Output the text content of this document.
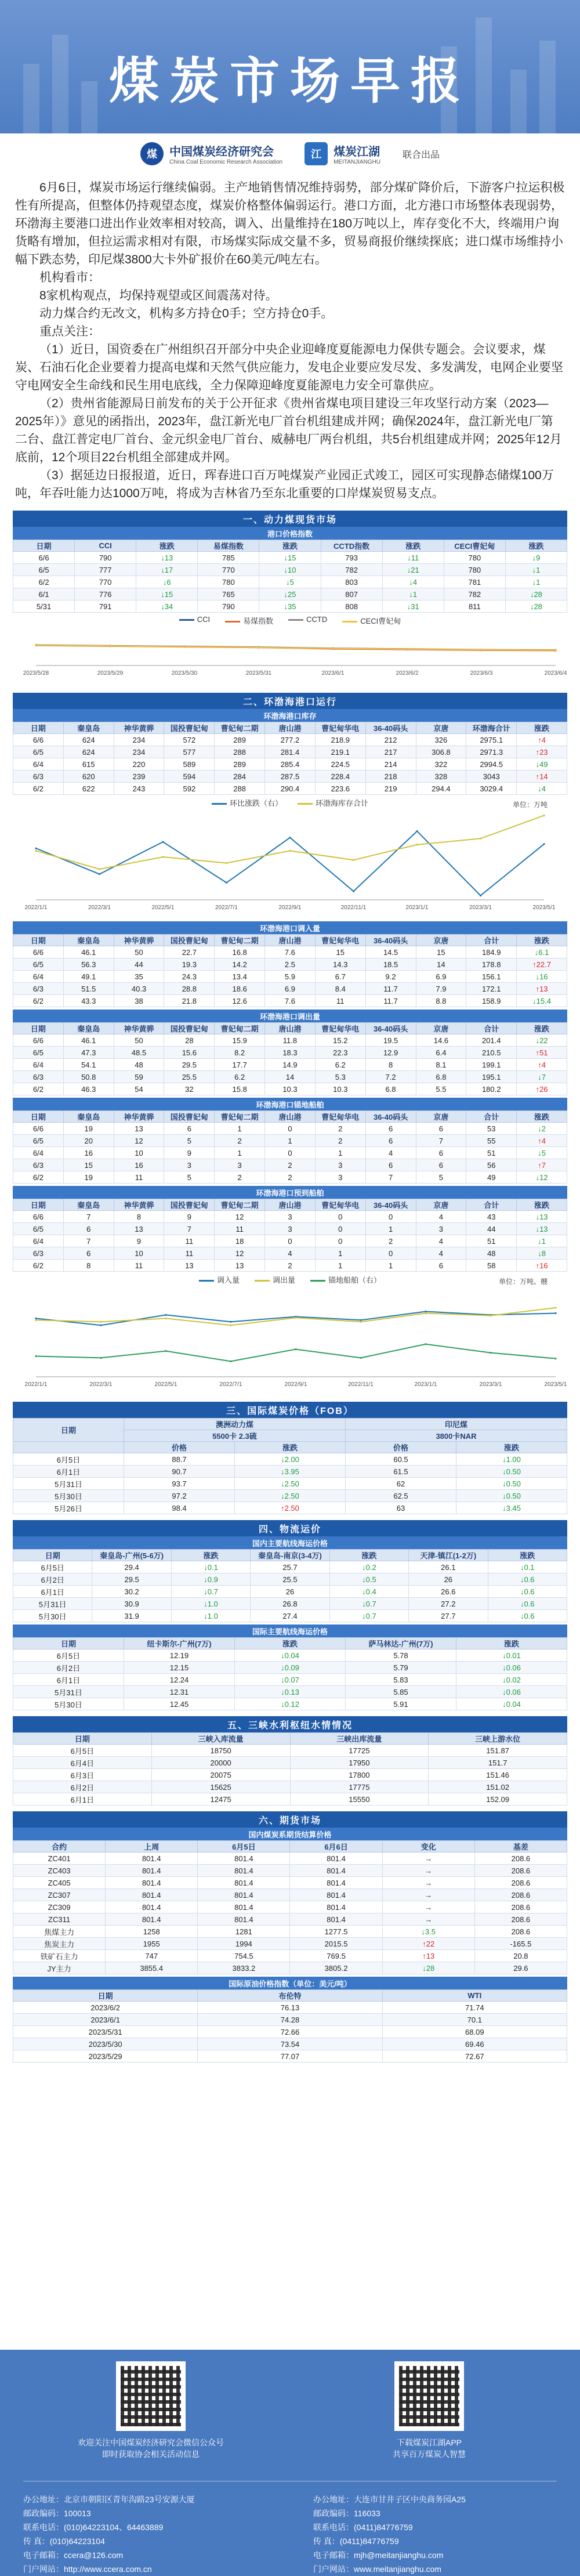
煤炭市场早报
煤	中国煤炭经济研究会
China Coal Economic Research Association
江	煤炭江湖
MEITANJIANGHU
联合出品

6月6日，煤炭市场运行继续偏弱。主产地销售情况维持弱势，部分煤矿降价后，下游客户拉运积极性有所提高，但整体仍持观望态度，煤炭价格整体偏弱运行。港口方面，北方港口市场整体表现弱势，环渤海主要港口进出作业效率相对较高，调入、出量维持在180万吨以上，库存变化不大，终端用户询货略有增加，但拉运需求相对有限，市场煤实际成交量不多，贸易商报价继续探底；进口煤市场维持小幅下跌态势，印尼煤3800大卡外矿报价在60美元/吨左右。

机构看市：

8家机构观点，均保持观望或区间震荡对待。

动力煤合约无改文，机构多方持仓0手；空方持仓0手。

重点关注：

（1）近日，国资委在广州组织召开部分中央企业迎峰度夏能源电力保供专题会。会议要求，煤炭、石油石化企业要着力提高电煤和天然气供应能力，发电企业要应发尽发、多发满发，电网企业要坚守电网安全生命线和民生用电底线，全力保障迎峰度夏能源电力安全可靠供应。

（2）贵州省能源局日前发布的关于公开征求《贵州省煤电项目建设三年攻坚行动方案（2023—2025年）》意见的函指出，2023年，盘江新光电厂首台机组建成并网；确保2024年，盘江新光电厂第二台、盘江普定电厂首台、金元织金电厂首台、威赫电厂两台机组，共5台机组建成并网；2025年12月底前，12个项目22台机组全部建成并网。

（3）据延边日报报道，近日，珲春进口百万吨煤炭产业园正式竣工，园区可实现静态储煤100万吨，年吞吐能力达1000万吨，将成为吉林省乃至东北重要的口岸煤炭贸易支点。

一、动力煤现货市场
港口价格指数
日期	CCI	涨跌	易煤指数	涨跌	CCTD指数	涨跌	CECI曹妃甸	涨跌
6/6	790	↓13	785	↓15	793	↓11	780	↓9
6/5	777	↓17	770	↓10	782	↓21	780	↓1
6/2	770	↓6	780	↓5	803	↓4	781	↓1
6/1	776	↓15	765	↓25	807	↓1	782	↓28
5/31	791	↓34	790	↓35	808	↓31	811	↓28
CCI	易煤指数	CCTD	CECI曹妃甸
2023/5/28	2023/5/29	2023/5/30	2023/5/31	2023/6/1	2023/6/2	2023/6/3	2023/6/4
二、环渤海港口运行
环渤海港口库存
日期	秦皇岛	神华黄骅	国投曹妃甸	曹妃甸二期	唐山港	曹妃甸华电	36-40码头	京唐	环渤海合计	涨跌
6/6	624	234	572	289	277.2	218.9	212	326	2975.1	↑4
6/5	624	234	577	288	281.4	219.1	217	306.8	2971.3	↑23
6/4	615	220	589	289	285.4	224.5	214	322	2994.5	↓49
6/3	620	239	594	284	287.5	228.4	218	328	3043	↑14
6/2	622	243	592	288	290.4	223.6	219	294.4	3029.4	↓4
环比涨跌（右）	环渤海库存合计	单位：万吨
2022/1/1	2022/3/1	2022/5/1	2022/7/1	2022/9/1	2022/11/1	2023/1/1	2023/3/1	2023/5/1
环渤海港口调入量
日期	秦皇岛	神华黄骅	国投曹妃甸	曹妃甸二期	唐山港	曹妃甸华电	36-40码头	京唐	合计	涨跌
6/6	46.1	50	22.7	16.8	7.6	15	14.5	15	184.9	↓6.1
6/5	56.3	44	19.3	14.2	2.5	14.3	18.5	14	178.8	↑22.7
6/4	49.1	35	24.3	13.4	5.9	6.7	9.2	6.9	156.1	↓16
6/3	51.5	40.3	28.8	18.6	6.9	8.4	11.7	7.9	172.1	↑13
6/2	43.3	38	21.8	12.6	7.6	11	11.7	8.8	158.9	↓15.4
环渤海港口调出量
日期	秦皇岛	神华黄骅	国投曹妃甸	曹妃甸二期	唐山港	曹妃甸华电	36-40码头	京唐	合计	涨跌
6/6	46.1	50	28	15.9	11.8	15.2	19.5	14.6	201.4	↓22
6/5	47.3	48.5	15.6	8.2	18.3	22.3	12.9	6.4	210.5	↑51
6/4	54.1	48	29.5	17.7	14.9	6.2	8	8.1	199.1	↑4
6/3	50.8	59	25.5	6.2	14	5.3	7.2	6.8	195.1	↓7
6/2	46.3	54	32	15.8	10.3	10.3	6.8	5.5	180.2	↑26
环渤海港口锚地船舶
日期	秦皇岛	神华黄骅	国投曹妃甸	曹妃甸二期	唐山港	曹妃甸华电	36-40码头	京唐	合计	涨跌
6/6	19	13	6	1	0	2	6	6	53	↓2
6/5	20	12	5	2	1	2	6	7	55	↑4
6/4	16	10	9	1	0	1	4	6	51	↓5
6/3	15	16	3	3	2	3	6	6	56	↑7
6/2	19	11	5	2	2	3	7	5	49	↓12
环渤海港口预到船舶
日期	秦皇岛	神华黄骅	国投曹妃甸	曹妃甸二期	唐山港	曹妃甸华电	36-40码头	京唐	合计	涨跌
6/6	7	8	9	12	3	0	0	4	43	↓13
6/5	6	13	7	11	3	0	1	3	44	↓13
6/4	7	9	11	18	0	0	2	4	51	↓1
6/3	6	10	11	12	4	1	0	4	48	↓8
6/2	8	11	13	13	2	1	1	6	58	↑16
调入量	调出量	锚地船舶（右）	单位：万吨、艘
2022/1/1	2022/3/1	2022/5/1	2022/7/1	2022/9/1	2022/11/1	2023/1/1	2023/3/1	2023/5/1
三、国际煤炭价格（FOB）
日期	澳洲动力煤		印尼煤	
	5500卡 2.3硫		3800卡NAR	
	价格	涨跌	价格	涨跌
6月5日	88.7	↓2.00	60.5	↓1.00
6月1日	90.7	↓3.95	61.5	↓0.50
5月31日	93.7	↓2.50	62	↓0.50
5月30日	97.2	↓2.50	62.5	↓0.50
5月26日	98.4	↑2.50	63	↓3.45
四、物流运价
国内主要航线海运价格
日期	秦皇岛-广州(5-6万)	涨跌	秦皇岛-南京(3-4万)	涨跌	天津-镇江(1-2万)	涨跌
6月5日	29.4	↓0.1	25.7	↓0.2	26.1	↓0.1
6月2日	29.5	↓0.9	25.5	↓0.5	26	↓0.6
6月1日	30.2	↓0.7	26	↓0.4	26.6	↓0.6
5月31日	30.9	↓1.0	26.8	↓0.7	27.2	↓0.6
5月30日	31.9	↓1.0	27.4	↓0.7	27.7	↓0.6
国际主要航线海运价格
日期	纽卡斯尔-广州(7万)	涨跌	萨马林达-广州(7万)	涨跌
6月5日	12.19	↓0.04	5.78	↓0.01
6月2日	12.15	↓0.09	5.79	↓0.06
6月1日	12.24	↓0.07	5.83	↓0.02
5月31日	12.31	↓0.13	5.85	↓0.06
5月30日	12.45	↓0.12	5.91	↓0.04
五、三峡水利枢纽水情情况
日期	三峡入库流量	三峡出库流量	三峡上游水位
6月5日	18750	17725	151.87
6月4日	20000	17950	151.7
6月3日	20075	17800	151.46
6月2日	15625	17775	151.02
6月1日	12475	15550	152.09
六、期货市场
国内煤炭系期货结算价格
合约	上周	6月5日	6月6日	变化	基差
ZC401	801.4	801.4	801.4	→	208.6
ZC403	801.4	801.4	801.4	→	208.6
ZC405	801.4	801.4	801.4	→	208.6
ZC307	801.4	801.4	801.4	→	208.6
ZC309	801.4	801.4	801.4	→	208.6
ZC311	801.4	801.4	801.4	→	208.6
焦煤主力	1258	1281	1277.5	↓3.5	208.6
焦炭主力	1955	1994	2015.5	↑22	-165.5
铁矿石主力	747	754.5	769.5	↑13	20.8
JY主力	3855.4	3833.2	3805.2	↓28	29.6
国际原油价格指数（单位：美元/吨）
日期	布伦特	WTI
2023/6/2	76.13	71.74
2023/6/1	74.28	70.1
2023/5/31	72.66	68.09
2023/5/30	73.54	69.46
2023/5/29	77.07	72.67
欢迎关注中国煤炭经济研究会微信公众号
即时获取协会相关活动信息
下载煤炭江湖APP
共享百万煤炭人智慧
办公地址：北京市朝阳区青年沟路23号安源大厦
邮政编码：100013
联系电话：(010)64223104、64463889
传 真：(010)64223104
电子邮箱：ccera@126.com
门户网站：http://www.ccera.com.cn
办公地址：大连市甘井子区中央商务园A25
邮政编码：116033
联系电话：(0411)84776759
传 真：(0411)84776759
电子邮箱：mjh@meitanjianghu.com
门户网站：www.meitanjianghu.com
